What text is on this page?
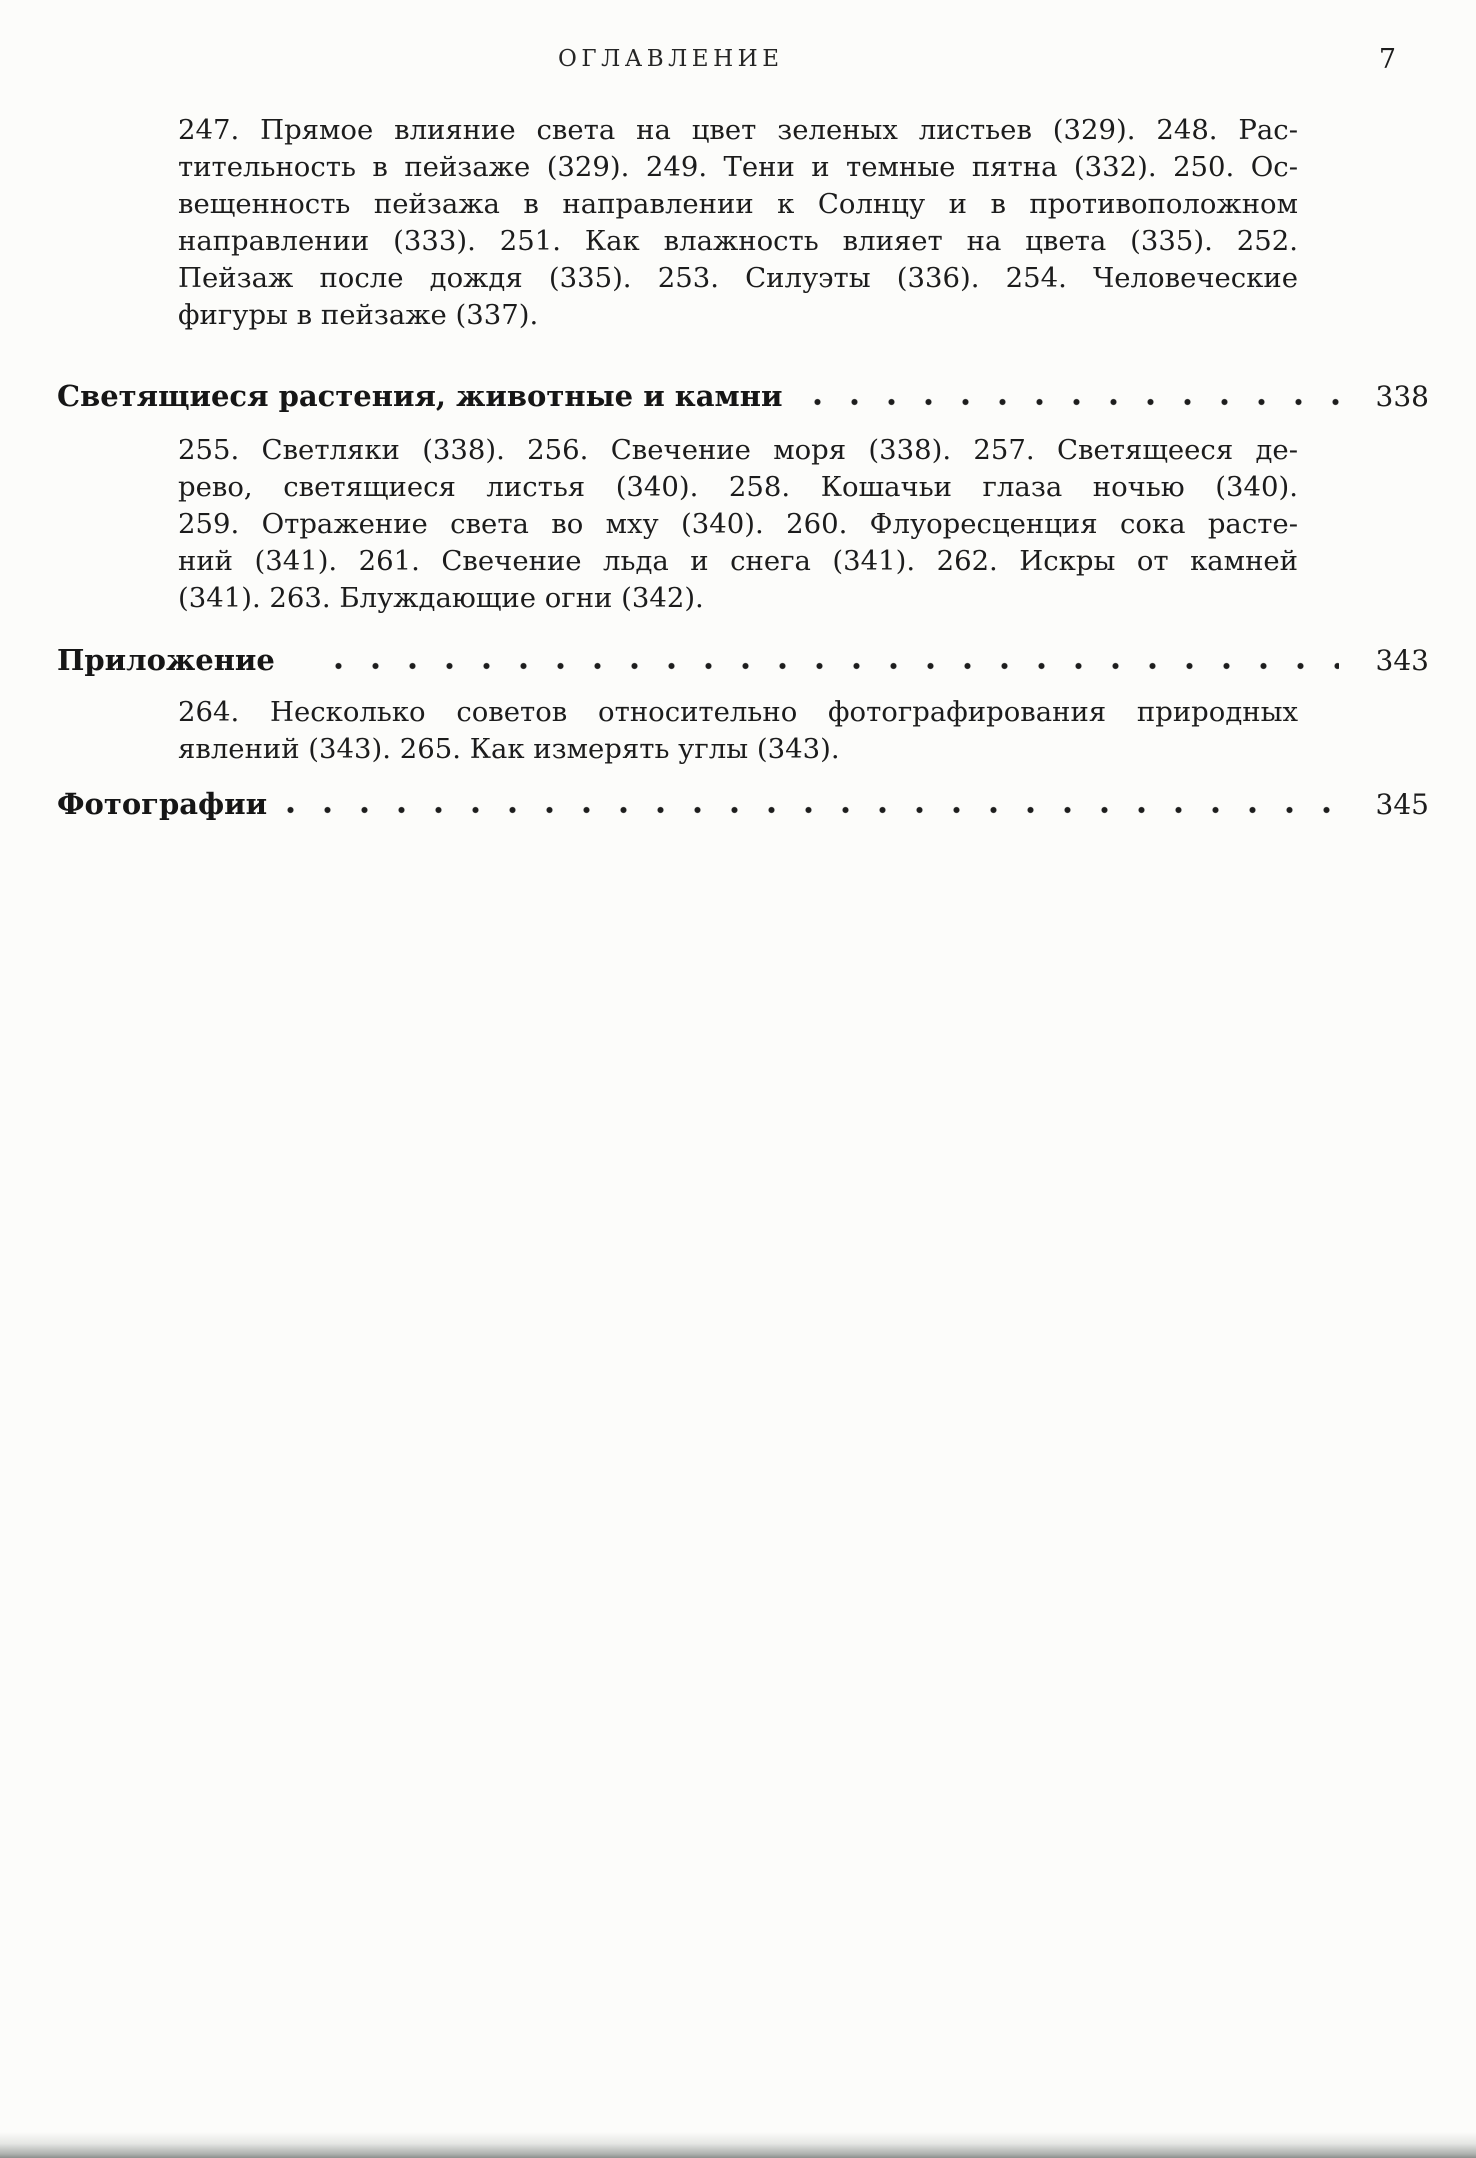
ОГЛАВЛЕНИЕ	7
247. Прямое влияние света на цвет зеленых листьев (329). 248. Рас-
тительность в пейзаже (329). 249. Тени и темные пятна (332). 250. Ос-
вещенность пейзажа в направлении к Солнцу и в противоположном
направлении (333). 251. Как влажность влияет на цвета (335). 252.
Пейзаж после дождя (335). 253. Силуэты (336). 254. Человеческие
фигуры в пейзаже (337).
Светящиеся растения, животные и камни	338
255. Светляки (338). 256. Свечение моря (338). 257. Светящееся де-
рево, светящиеся листья (340). 258. Кошачьи глаза ночью (340).
259. Отражение света во мху (340). 260. Флуоресценция сока расте-
ний (341). 261. Свечение льда и снега (341). 262. Искры от камней
(341). 263. Блуждающие огни (342).
Приложение	343
264. Несколько советов относительно фотографирования природных
явлений (343). 265. Как измерять углы (343).
Фотографии	345
